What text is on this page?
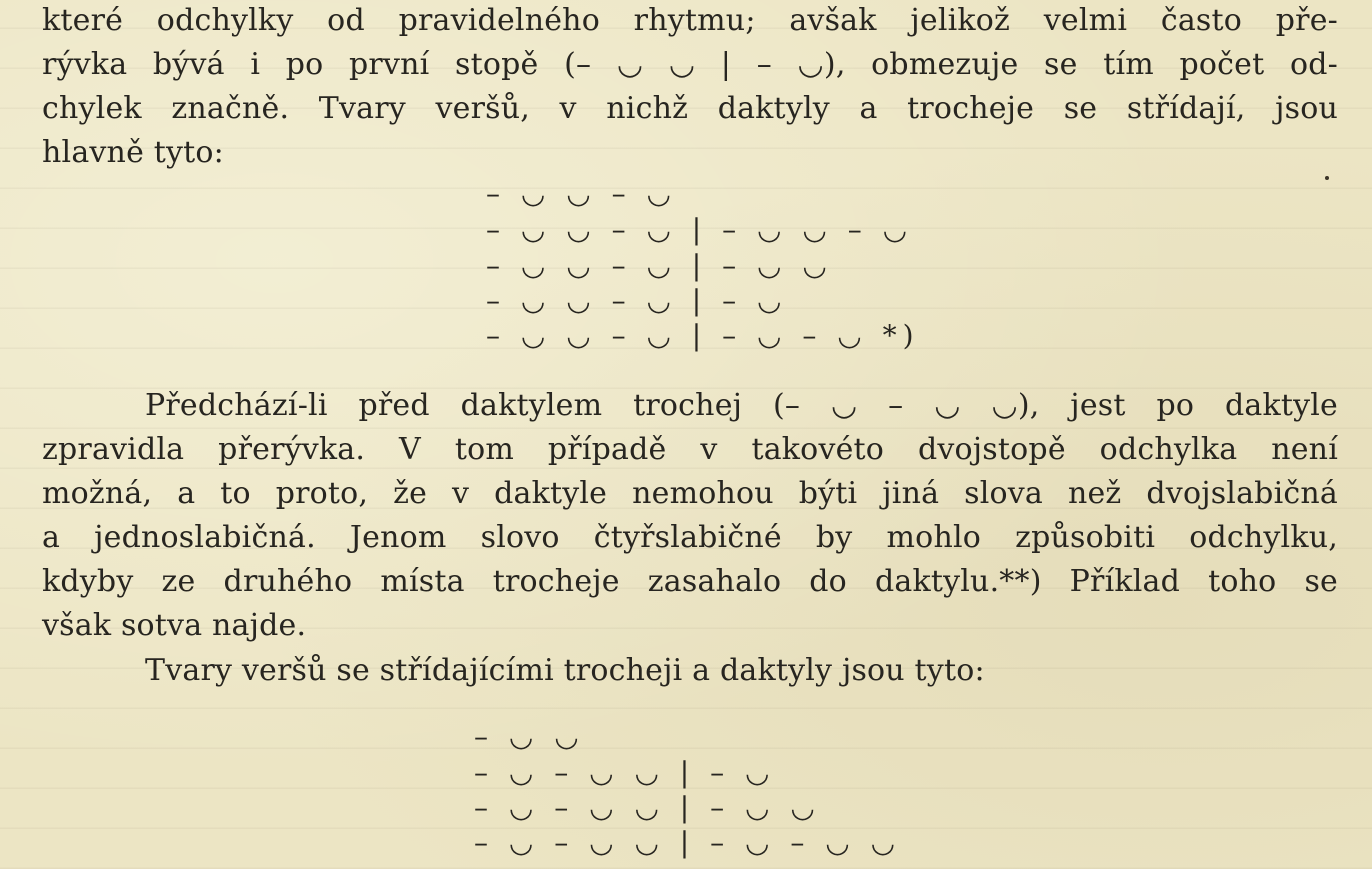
které odchylky od pravidelného rhytmu; avšak jelikož velmi často pře-
rývka bývá i po první stopě (– ◡ ◡ | – ◡), obmezuje se tím počet od-
chylek značně. Tvary veršů, v nichž daktyly a trocheje se střídají, jsou
hlavně tyto:
– ◡ ◡ – ◡
– ◡ ◡ – ◡ | – ◡ ◡ – ◡
– ◡ ◡ – ◡ | – ◡ ◡
– ◡ ◡ – ◡ | – ◡
– ◡ ◡ – ◡ | – ◡ – ◡ *)
Předchází-li před daktylem trochej (– ◡ – ◡ ◡), jest po daktyle
zpravidla přerývka. V tom případě v takovéto dvojstopě odchylka není
možná, a to proto, že v daktyle nemohou býti jiná slova než dvojslabičná
a jednoslabičná. Jenom slovo čtyřslabičné by mohlo způsobiti odchylku,
kdyby ze druhého místa trocheje zasahalo do daktylu.**) Příklad toho se
však sotva najde.
Tvary veršů se střídajícími trocheji a daktyly jsou tyto:
– ◡ ◡
– ◡ – ◡ ◡ | – ◡
– ◡ – ◡ ◡ | – ◡ ◡
– ◡ – ◡ ◡ | – ◡ – ◡ ◡
